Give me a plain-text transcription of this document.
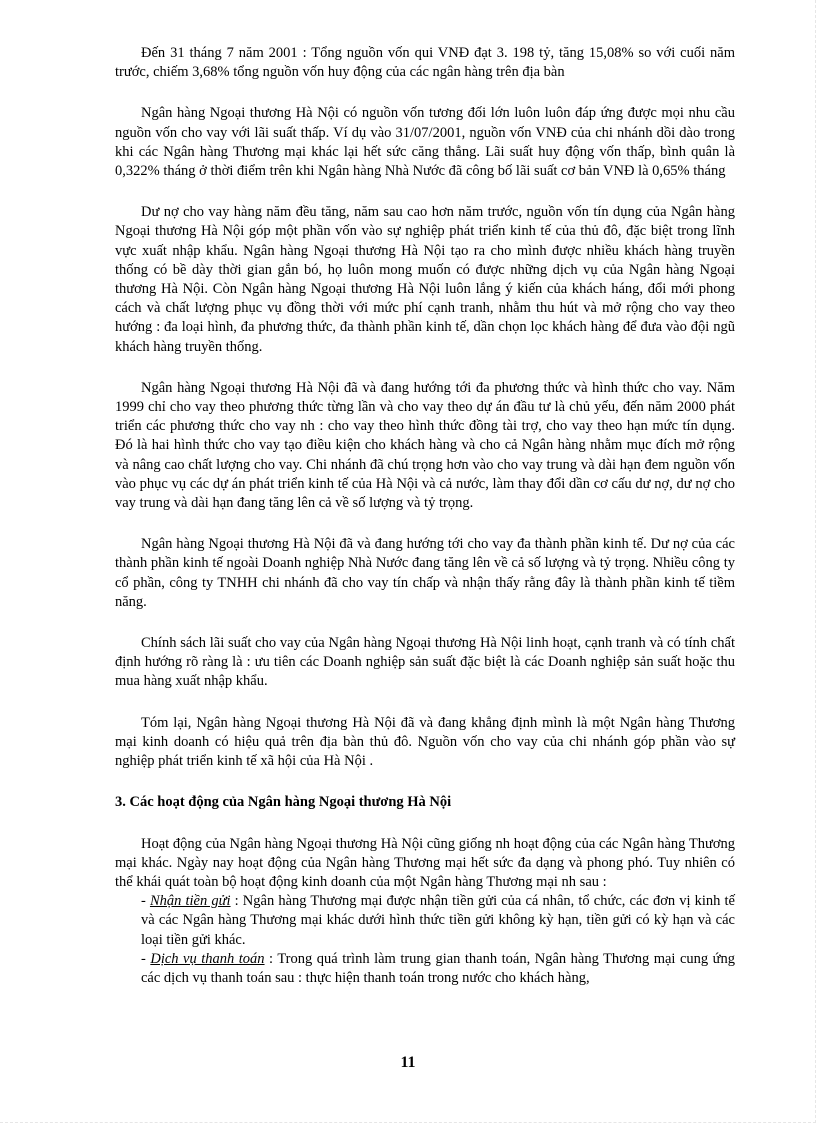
Đến 31 tháng 7 năm 2001 : Tổng nguồn vốn qui VNĐ đạt 3. 198 tỷ, tăng 15,08% so với cuối năm trước, chiếm 3,68% tổng nguồn vốn huy động của các ngân hàng trên địa bàn

Ngân hàng Ngoại thương Hà Nội có nguồn vốn tương đối lớn luôn luôn đáp ứng được mọi nhu cầu nguồn vốn cho vay với lãi suất thấp. Ví dụ vào 31/07/2001, nguồn vốn VNĐ của chi nhánh dồi dào trong khi các Ngân hàng Thương mại khác lại hết sức căng thẳng. Lãi suất huy động vốn thấp, bình quân là 0,322% tháng ở thời điểm trên khi Ngân hàng Nhà Nước đã công bố lãi suất cơ bản VNĐ là 0,65% tháng

Dư nợ cho vay hàng năm đều tăng, năm sau cao hơn năm trước, nguồn vốn tín dụng của Ngân hàng Ngoại thương Hà Nội góp một phần vốn vào sự nghiệp phát triển kinh tế của thủ đô, đặc biệt trong lĩnh vực xuất nhập khẩu. Ngân hàng Ngoại thương Hà Nội tạo ra cho mình được nhiều khách hàng truyền thống có bề dày thời gian gắn bó, họ luôn mong muốn có được những dịch vụ của Ngân hàng Ngoại thương Hà Nội. Còn Ngân hàng Ngoại thương Hà Nội luôn lắng ý kiến của khách háng, đổi mới phong cách và chất lượng phục vụ đồng thời với mức phí cạnh tranh, nhằm thu hút và mở rộng cho vay theo hướng : đa loại hình, đa phương thức, đa thành phần kinh tế, dần chọn lọc khách hàng để đưa vào đội ngũ khách hàng truyền thống.

Ngân hàng Ngoại thương Hà Nội đã và đang hướng tới đa phương thức và hình thức cho vay. Năm 1999 chỉ cho vay theo phương thức từng lần và cho vay theo dự án đầu tư là chủ yếu, đến năm 2000 phát triển các phương thức cho vay nh : cho vay theo hình thức đồng tài trợ, cho vay theo hạn mức tín dụng. Đó là hai hình thức cho vay tạo điều kiện cho khách hàng và cho cả Ngân hàng nhằm mục đích mở rộng và nâng cao chất lượng cho vay. Chi nhánh đã chú trọng hơn vào cho vay trung và dài hạn đem nguồn vốn vào phục vụ các dự án phát triển kinh tế của Hà Nội và cả nước, làm thay đổi dần cơ cấu dư nợ, dư nợ cho vay trung và dài hạn đang tăng lên cả về số lượng và tỷ trọng.

Ngân hàng Ngoại thương Hà Nội đã và đang hướng tới cho vay đa thành phần kinh tế. Dư nợ của các thành phần kinh tế ngoài Doanh nghiệp Nhà Nước đang tăng lên về cả số lượng và tỷ trọng. Nhiều công ty cổ phần, công ty TNHH chi nhánh đã cho vay tín chấp và nhận thấy rằng đây là thành phần kinh tế tiềm năng.

Chính sách lãi suất cho vay của Ngân hàng Ngoại thương Hà Nội linh hoạt, cạnh tranh và có tính chất định hướng rõ ràng là : ưu tiên các Doanh nghiệp sản suất đặc biệt là các Doanh nghiệp sản suất hoặc thu mua hàng xuất nhập khẩu.

Tóm lại, Ngân hàng Ngoại thương Hà Nội đã và đang khẳng định mình là một Ngân hàng Thương mại kinh doanh có hiệu quả trên địa bàn thủ đô. Nguồn vốn cho vay của chi nhánh góp phần vào sự nghiệp phát triển kinh tế xã hội của Hà Nội .

3. Các hoạt động của Ngân hàng Ngoại thương Hà Nội

Hoạt động của Ngân hàng Ngoại thương Hà Nội cũng giống nh hoạt động của các Ngân hàng Thương mại khác. Ngày nay hoạt động của Ngân hàng Thương mại hết sức đa dạng và phong phó. Tuy nhiên có thể khái quát toàn bộ hoạt động kinh doanh của một Ngân hàng Thương mại nh sau :

- Nhận tiền gửi : Ngân hàng Thương mại được nhận tiền gửi của cá nhân, tổ chức, các đơn vị kinh tế và các Ngân hàng Thương mại khác dưới hình thức tiền gửi không kỳ hạn, tiền gửi có kỳ hạn và các loại tiền gửi khác.

- Dịch vụ thanh toán : Trong quá trình làm trung gian thanh toán, Ngân hàng Thương mại cung ứng các dịch vụ thanh toán sau : thực hiện thanh toán trong nước cho khách hàng,

11
